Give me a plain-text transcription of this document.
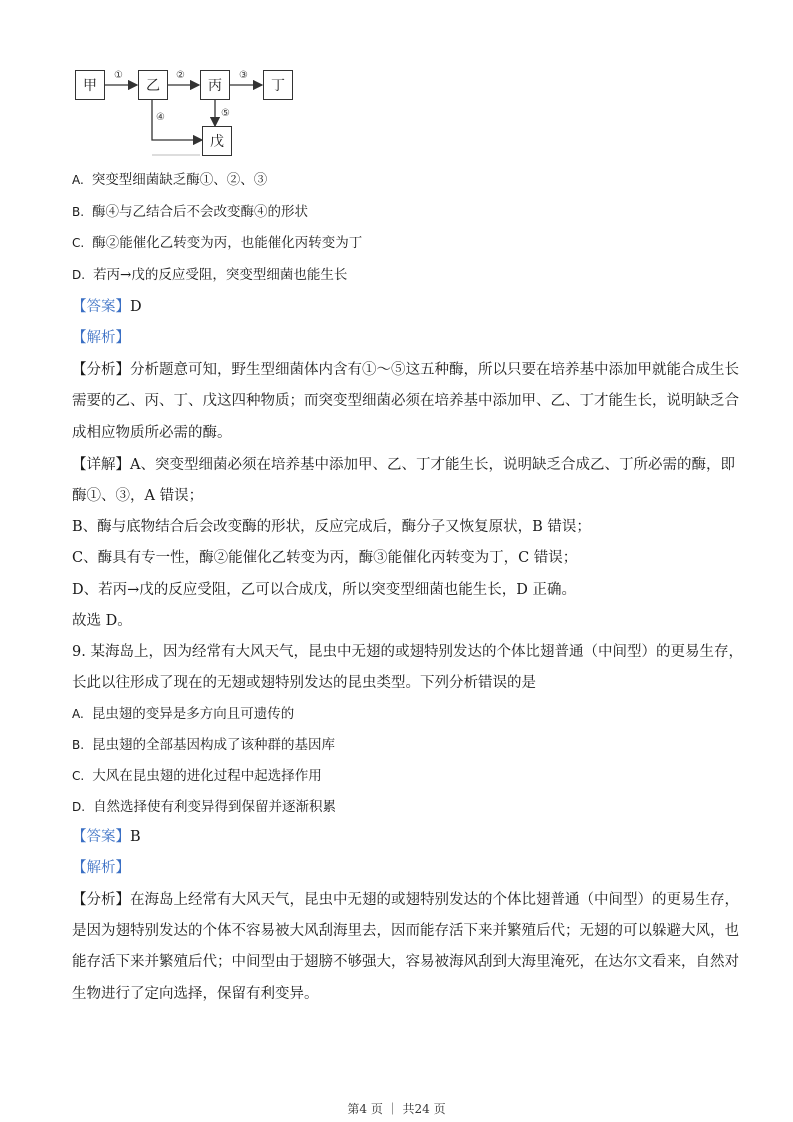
①	②	③
⑤
④
甲	乙	丙	丁
戊
A. 突变型细菌缺乏酶①、②、③
B. 酶④与乙结合后不会改变酶④的形状
C. 酶②能催化乙转变为丙，也能催化丙转变为丁
D. 若丙→戊的反应受阻，突变型细菌也能生长
【答案】D
【解析】
【分析】分析题意可知，野生型细菌体内含有①～⑤这五种酶，所以只要在培养基中添加甲就能合成生长
需要的乙、丙、丁、戊这四种物质；而突变型细菌必须在培养基中添加甲、乙、丁才能生长，说明缺乏合
成相应物质所必需的酶。
【详解】A、突变型细菌必须在培养基中添加甲、乙、丁才能生长，说明缺乏合成乙、丁所必需的酶，即
酶①、③，A 错误；
B、酶与底物结合后会改变酶的形状，反应完成后，酶分子又恢复原状，B 错误；
C、酶具有专一性，酶②能催化乙转变为丙，酶③能催化丙转变为丁，C 错误；
D、若丙→戊的反应受阻，乙可以合成戊，所以突变型细菌也能生长，D 正确。
故选 D。
9. 某海岛上，因为经常有大风天气，昆虫中无翅的或翅特别发达的个体比翅普通（中间型）的更易生存，
长此以往形成了现在的无翅或翅特别发达的昆虫类型。下列分析错误的是
A. 昆虫翅的变异是多方向且可遗传的
B. 昆虫翅的全部基因构成了该种群的基因库
C. 大风在昆虫翅的进化过程中起选择作用
D. 自然选择使有利变异得到保留并逐渐积累
【答案】B
【解析】
【分析】在海岛上经常有大风天气，昆虫中无翅的或翅特别发达的个体比翅普通（中间型）的更易生存，
是因为翅特别发达的个体不容易被大风刮海里去，因而能存活下来并繁殖后代；无翅的可以躲避大风，也
能存活下来并繁殖后代；中间型由于翅膀不够强大，容易被海风刮到大海里淹死，在达尔文看来，自然对
生物进行了定向选择，保留有利变异。
第4 页 ｜ 共24 页
